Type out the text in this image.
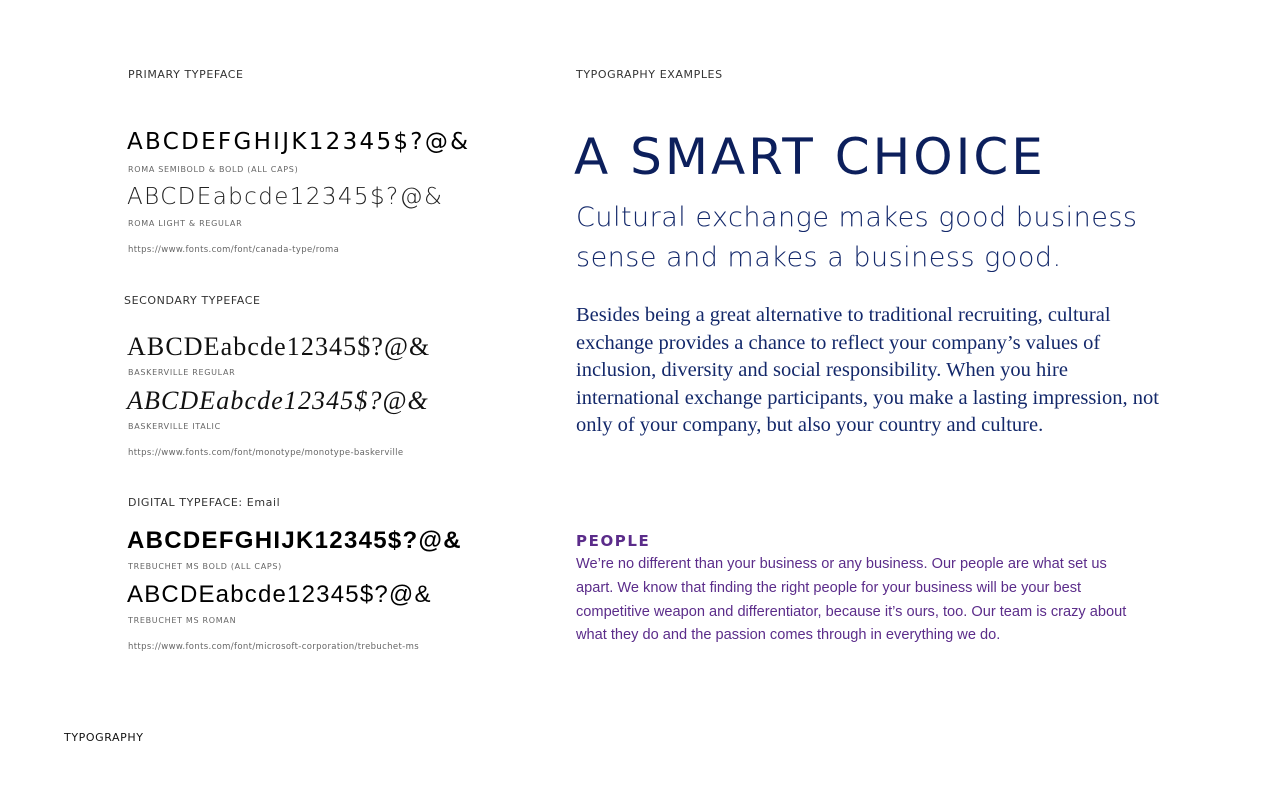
PRIMARY TYPEFACE
ABCDEFGHIJK12345$?@&
ROMA SEMIBOLD & BOLD (ALL CAPS)
ABCDEabcde12345$?@&
ROMA LIGHT & REGULAR
https://www.fonts.com/font/canada-type/roma
SECONDARY TYPEFACE
ABCDEabcde12345$?@&
BASKERVILLE REGULAR
ABCDEabcde12345$?@&
BASKERVILLE ITALIC
https://www.fonts.com/font/monotype/monotype-baskerville
DIGITAL TYPEFACE: Email
ABCDEFGHIJK12345$?@&
TREBUCHET MS BOLD (ALL CAPS)
ABCDEabcde12345$?@&
TREBUCHET MS ROMAN
https://www.fonts.com/font/microsoft-corporation/trebuchet-ms
TYPOGRAPHY EXAMPLES
A SMART CHOICE
Cultural exchange makes good business sense and makes a business good.
Besides being a great alternative to traditional recruiting, cultural exchange provides a chance to reflect your company’s values of inclusion, diversity and social responsibility. When you hire international exchange participants, you make a lasting impression, not only of your company, but also your country and culture.
PEOPLE
We’re no different than your business or any business. Our people are what set us apart. We know that finding the right people for your business will be your best competitive weapon and differentiator, because it’s ours, too. Our team is crazy about what they do and the passion comes through in everything we do.
TYPOGRAPHY
